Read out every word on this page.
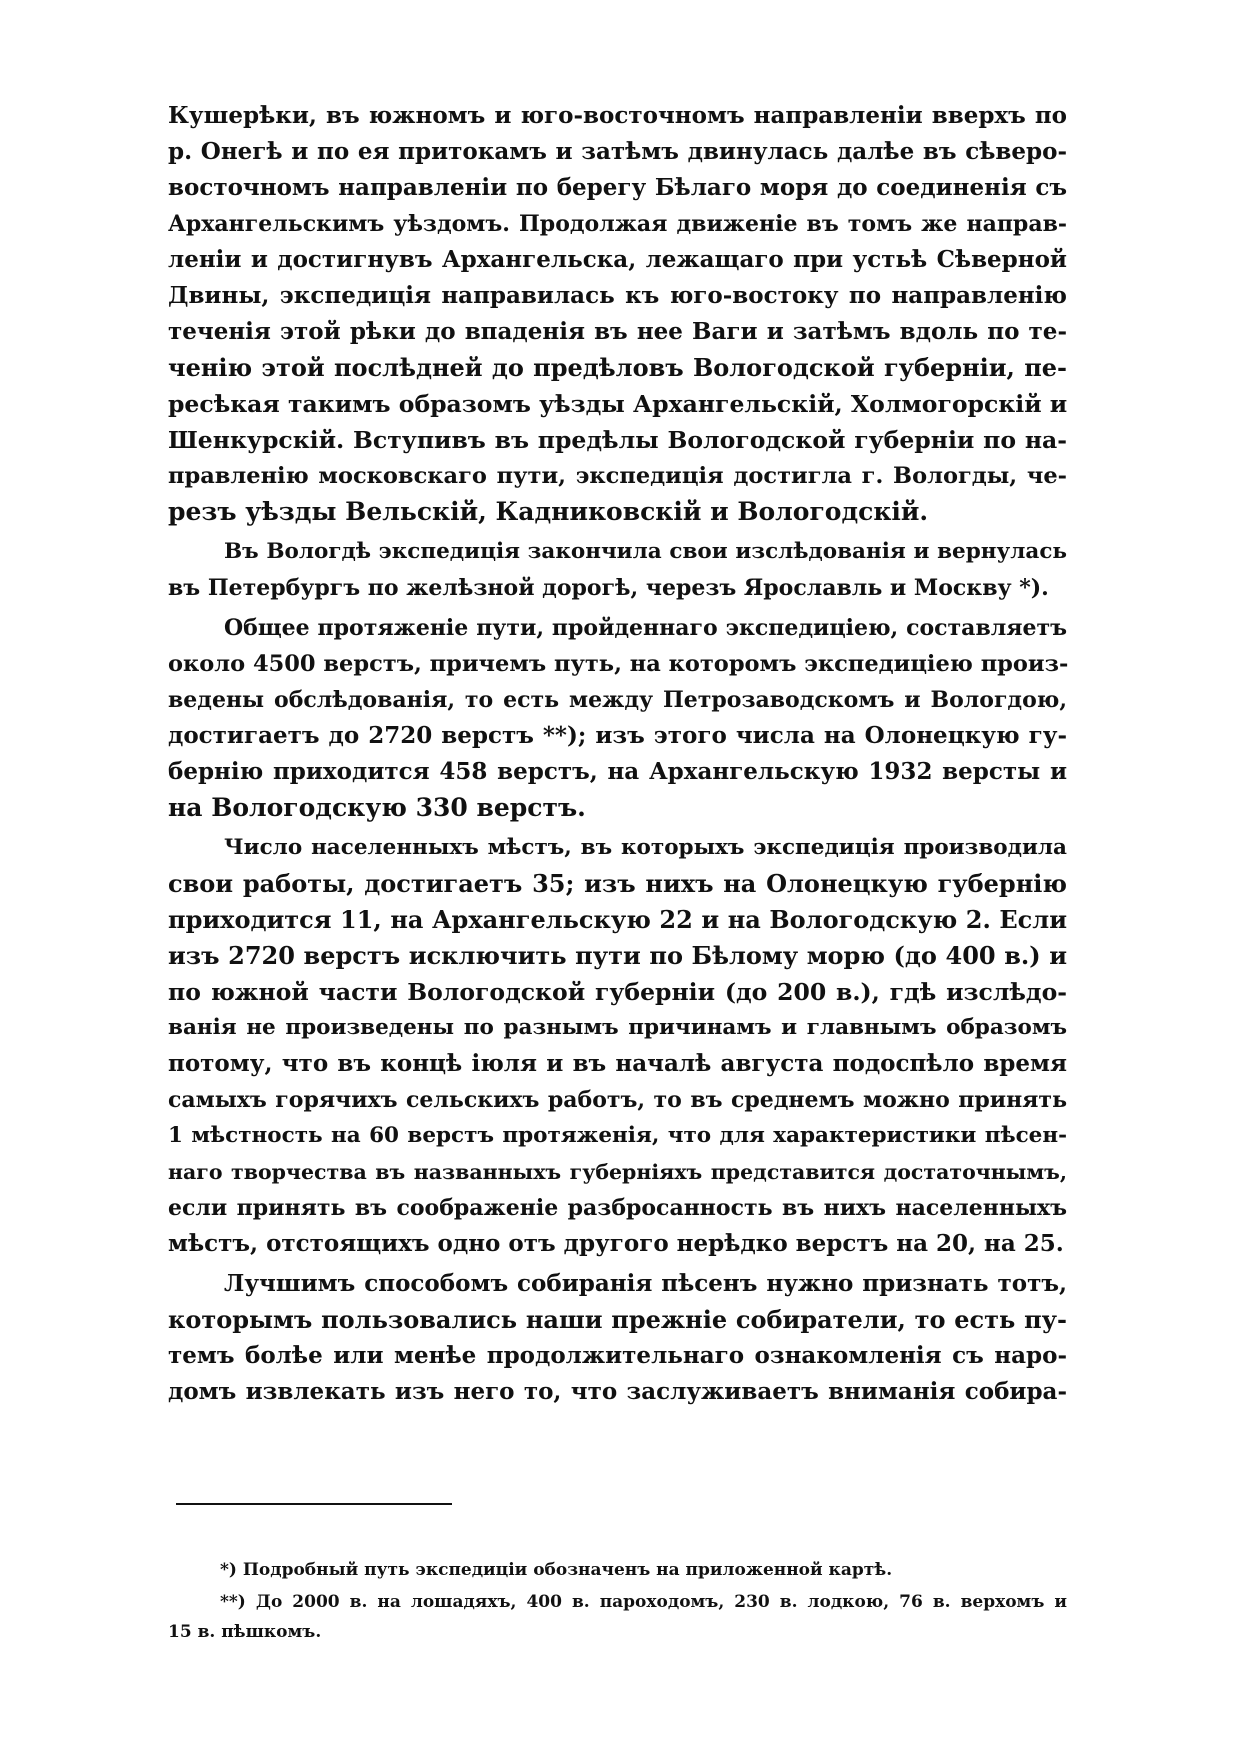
Кушерѣки, въ южномъ и юго-восточномъ направленіи вверхъ по
р. Онегѣ и по ея притокамъ и затѣмъ двинулась далѣе въ сѣверо-
восточномъ направленіи по берегу Бѣлаго моря до соединенія съ
Архангельскимъ уѣздомъ. Продолжая движеніе въ томъ же направ-
леніи и достигнувъ Архангельска, лежащаго при устьѣ Сѣверной
Двины, экспедиція направилась къ юго-востоку по направленію
теченія этой рѣки до впаденія въ нее Ваги и затѣмъ вдоль по те-
ченію этой послѣдней до предѣловъ Вологодской губерніи, пе-
ресѣкая такимъ образомъ уѣзды Архангельскій, Холмогорскій и
Шенкурскій. Вступивъ въ предѣлы Вологодской губерніи по на-
правленію московскаго пути, экспедиція достигла г. Вологды, че-
резъ уѣзды Вельскій, Кадниковскій и Вологодскій.
Въ Вологдѣ экспедиція закончила свои изслѣдованія и вернулась
въ Петербургъ по желѣзной дорогѣ, черезъ Ярославль и Москву *).
Общее протяженіе пути, пройденнаго экспедиціею, составляетъ
около 4500 верстъ, причемъ путь, на которомъ экспедиціею произ-
ведены обслѣдованія, то есть между Петрозаводскомъ и Вологдою,
достигаетъ до 2720 верстъ **); изъ этого числа на Олонецкую гу-
бернію приходится 458 верстъ, на Архангельскую 1932 версты и
на Вологодскую 330 верстъ.
Число населенныхъ мѣстъ, въ которыхъ экспедиція производила
свои работы, достигаетъ 35; изъ нихъ на Олонецкую губернію
приходится 11, на Архангельскую 22 и на Вологодскую 2. Если
изъ 2720 верстъ исключить пути по Бѣлому морю (до 400 в.) и
по южной части Вологодской губерніи (до 200 в.), гдѣ изслѣдо-
ванія не произведены по разнымъ причинамъ и главнымъ образомъ
потому, что въ концѣ іюля и въ началѣ августа подоспѣло время
самыхъ горячихъ сельскихъ работъ, то въ среднемъ можно принять
1 мѣстность на 60 верстъ протяженія, что для характеристики пѣсен-
наго творчества въ названныхъ губерніяхъ представится достаточнымъ,
если принять въ соображеніе разбросанность въ нихъ населенныхъ
мѣстъ, отстоящихъ одно отъ другого нерѣдко верстъ на 20, на 25.
Лучшимъ способомъ собиранія пѣсенъ нужно признать тотъ,
которымъ пользовались наши прежніе собиратели, то есть пу-
темъ болѣе или менѣе продолжительнаго ознакомленія съ наро-
домъ извлекать изъ него то, что заслуживаетъ вниманія собира-
*) Подробный путь экспедиціи обозначенъ на приложенной картѣ.
**) До 2000 в. на лошадяхъ, 400 в. пароходомъ, 230 в. лодкою, 76 в. верхомъ и
15 в. пѣшкомъ.
